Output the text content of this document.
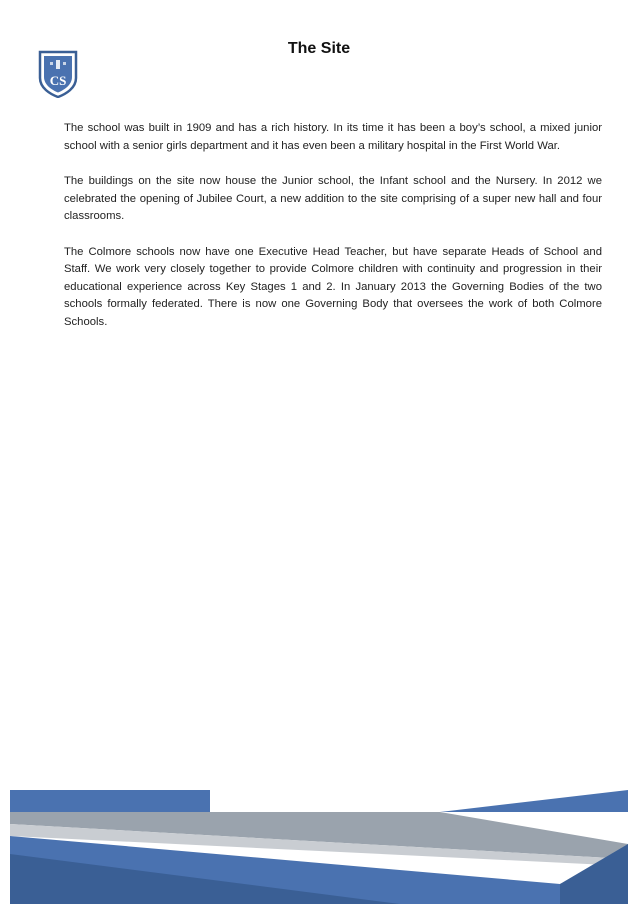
CS
The Site

The school was built in 1909 and has a rich history. In its time it has been a boy’s school, a mixed junior school with a senior girls department and it has even been a military hospital in the First World War.

The buildings on the site now house the Junior school, the Infant school and the Nursery. In 2012 we celebrated the opening of Jubilee Court, a new addition to the site comprising of a super new hall and four classrooms.

The Colmore schools now have one Executive Head Teacher, but have separate Heads of School and Staff. We work very closely together to provide Colmore children with continuity and progression in their educational experience across Key Stages 1 and 2. In January 2013 the Governing Bodies of the two schools formally federated. There is now one Governing Body that oversees the work of both Colmore Schools.
